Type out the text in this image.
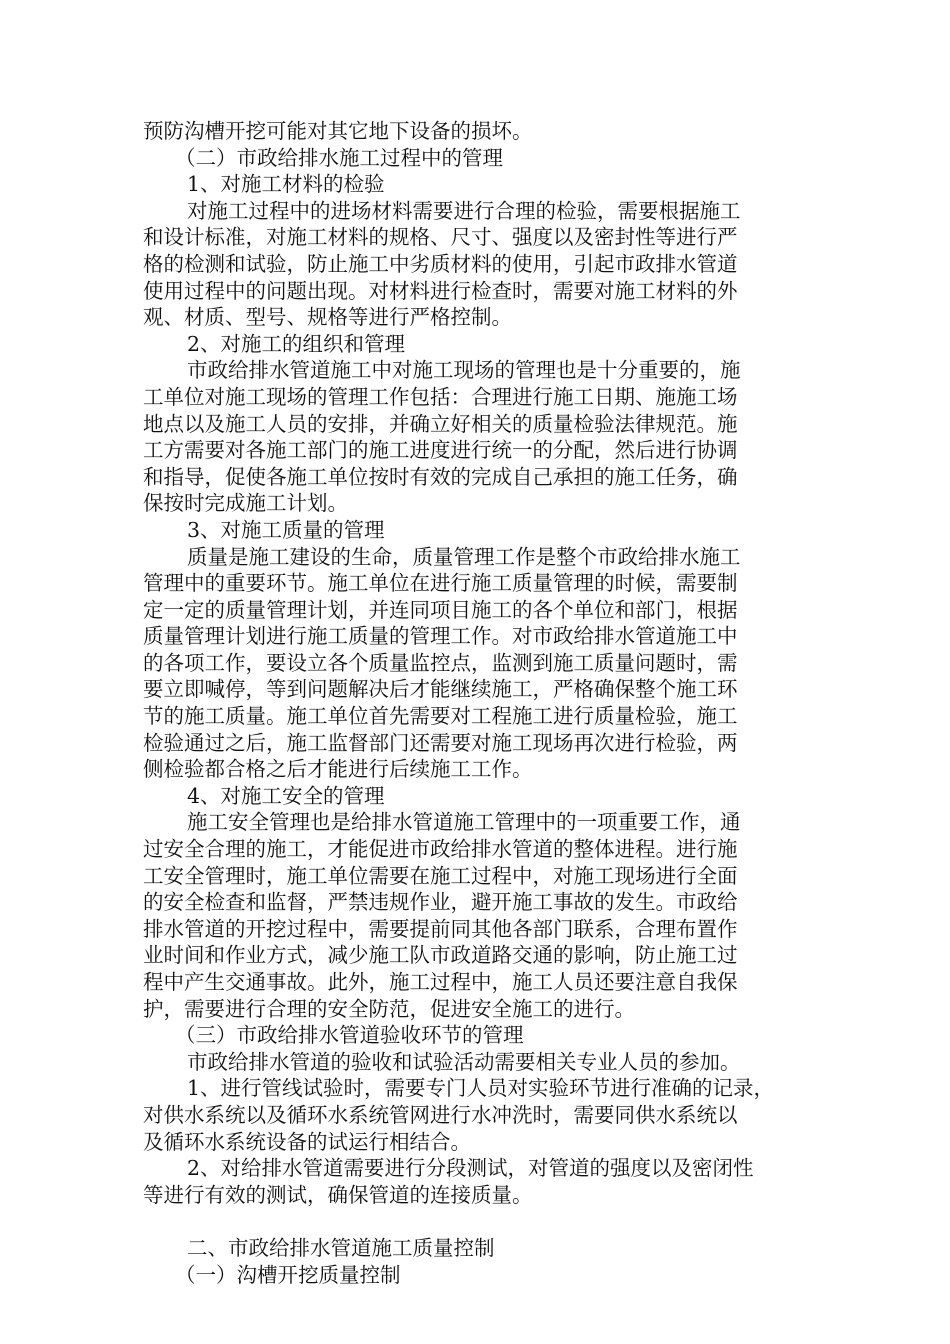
预防沟槽开挖可能对其它地下设备的损坏。
（二）市政给排水施工过程中的管理
1、对施工材料的检验
对施工过程中的进场材料需要进行合理的检验，需要根据施工
和设计标准，对施工材料的规格、尺寸、强度以及密封性等进行严
格的检测和试验，防止施工中劣质材料的使用，引起市政排水管道
使用过程中的问题出现。对材料进行检查时，需要对施工材料的外
观、材质、型号、规格等进行严格控制。
2、对施工的组织和管理
市政给排水管道施工中对施工现场的管理也是十分重要的，施
工单位对施工现场的管理工作包括：合理进行施工日期、施施工场
地点以及施工人员的安排，并确立好相关的质量检验法律规范。施
工方需要对各施工部门的施工进度进行统一的分配，然后进行协调
和指导，促使各施工单位按时有效的完成自己承担的施工任务，确
保按时完成施工计划。
3、对施工质量的管理
质量是施工建设的生命，质量管理工作是整个市政给排水施工
管理中的重要环节。施工单位在进行施工质量管理的时候，需要制
定一定的质量管理计划，并连同项目施工的各个单位和部门，根据
质量管理计划进行施工质量的管理工作。对市政给排水管道施工中
的各项工作，要设立各个质量监控点，监测到施工质量问题时，需
要立即喊停，等到问题解决后才能继续施工，严格确保整个施工环
节的施工质量。施工单位首先需要对工程施工进行质量检验，施工
检验通过之后，施工监督部门还需要对施工现场再次进行检验，两
侧检验都合格之后才能进行后续施工工作。
4、对施工安全的管理
施工安全管理也是给排水管道施工管理中的一项重要工作，通
过安全合理的施工，才能促进市政给排水管道的整体进程。进行施
工安全管理时，施工单位需要在施工过程中，对施工现场进行全面
的安全检查和监督，严禁违规作业，避开施工事故的发生。市政给
排水管道的开挖过程中，需要提前同其他各部门联系，合理布置作
业时间和作业方式，减少施工队市政道路交通的影响，防止施工过
程中产生交通事故。此外，施工过程中，施工人员还要注意自我保
护，需要进行合理的安全防范，促进安全施工的进行。
（三）市政给排水管道验收环节的管理
市政给排水管道的验收和试验活动需要相关专业人员的参加。
1、进行管线试验时，需要专门人员对实验环节进行准确的记录，
对供水系统以及循环水系统管网进行水冲洗时，需要同供水系统以
及循环水系统设备的试运行相结合。
2、对给排水管道需要进行分段测试，对管道的强度以及密闭性
等进行有效的测试，确保管道的连接质量。
二、市政给排水管道施工质量控制
（一）沟槽开挖质量控制
